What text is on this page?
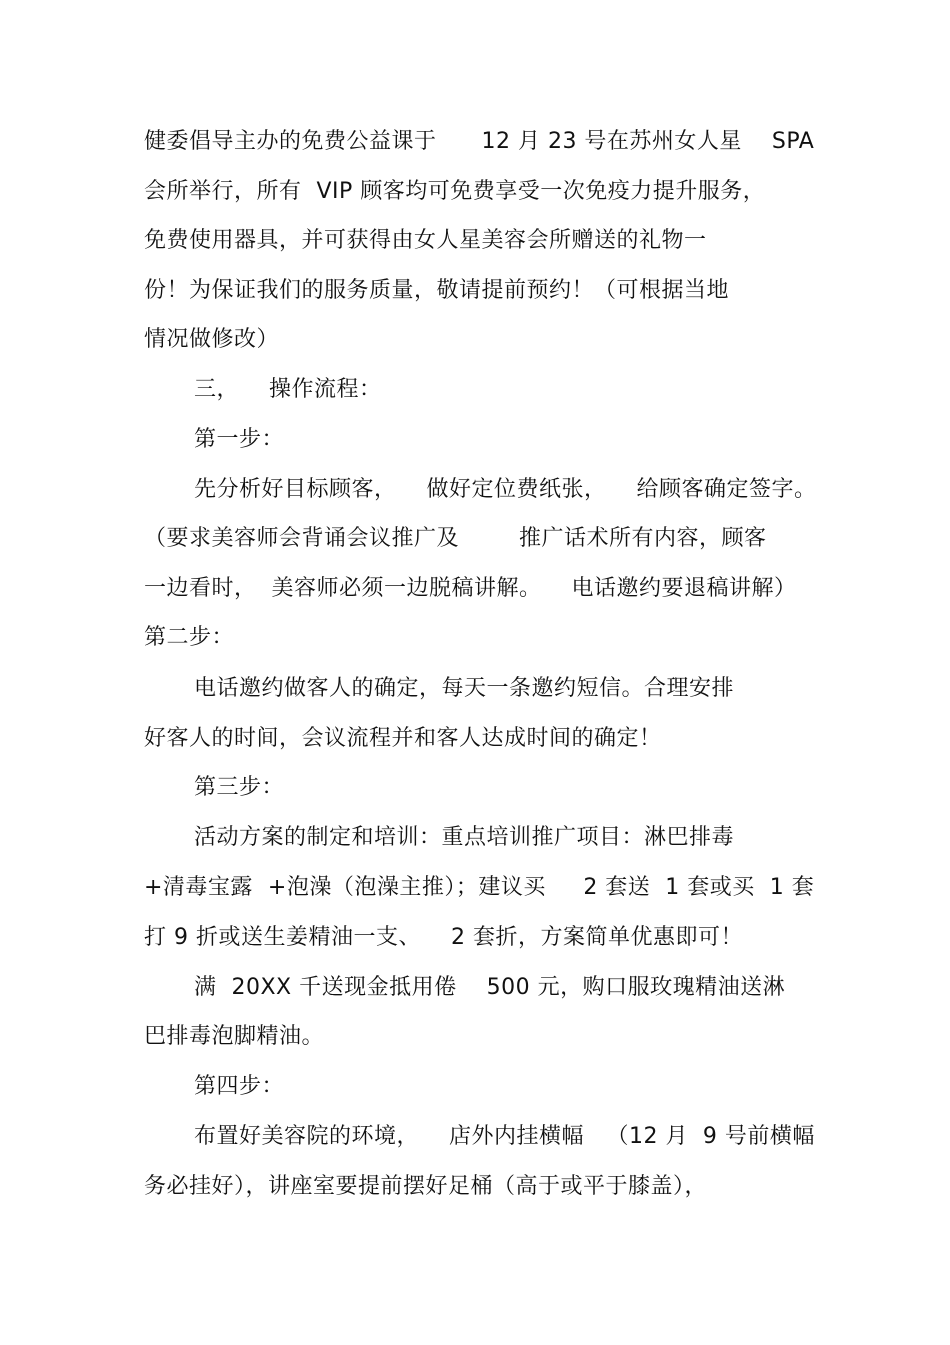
健委倡导主办的免费公益课于      12 月 23 号在苏州女人星    SPA
会所举行，所有  VIP 顾客均可免费享受一次免疫力提升服务，
免费使用器具，并可获得由女人星美容会所赠送的礼物一
份！为保证我们的服务质量，敬请提前预约！（可根据当地
情况做修改）
三，    操作流程：
第一步：
先分析好目标顾客，    做好定位费纸张，    给顾客确定签字。
（要求美容师会背诵会议推广及        推广话术所有内容，顾客
一边看时，  美容师必须一边脱稿讲解。    电话邀约要退稿讲解）
第二步：
电话邀约做客人的确定，每天一条邀约短信。合理安排
好客人的时间，会议流程并和客人达成时间的确定！
第三步：
活动方案的制定和培训：重点培训推广项目：淋巴排毒
+清毒宝露  +泡澡（泡澡主推）；建议买     2 套送  1 套或买  1 套
打 9 折或送生姜精油一支、    2 套折，方案简单优惠即可！
满  20XX 千送现金抵用倦    500 元，购口服玫瑰精油送淋
巴排毒泡脚精油。
第四步：
布置好美容院的环境，    店外内挂横幅   （12 月  9 号前横幅
务必挂好），讲座室要提前摆好足桶（高于或平于膝盖），
